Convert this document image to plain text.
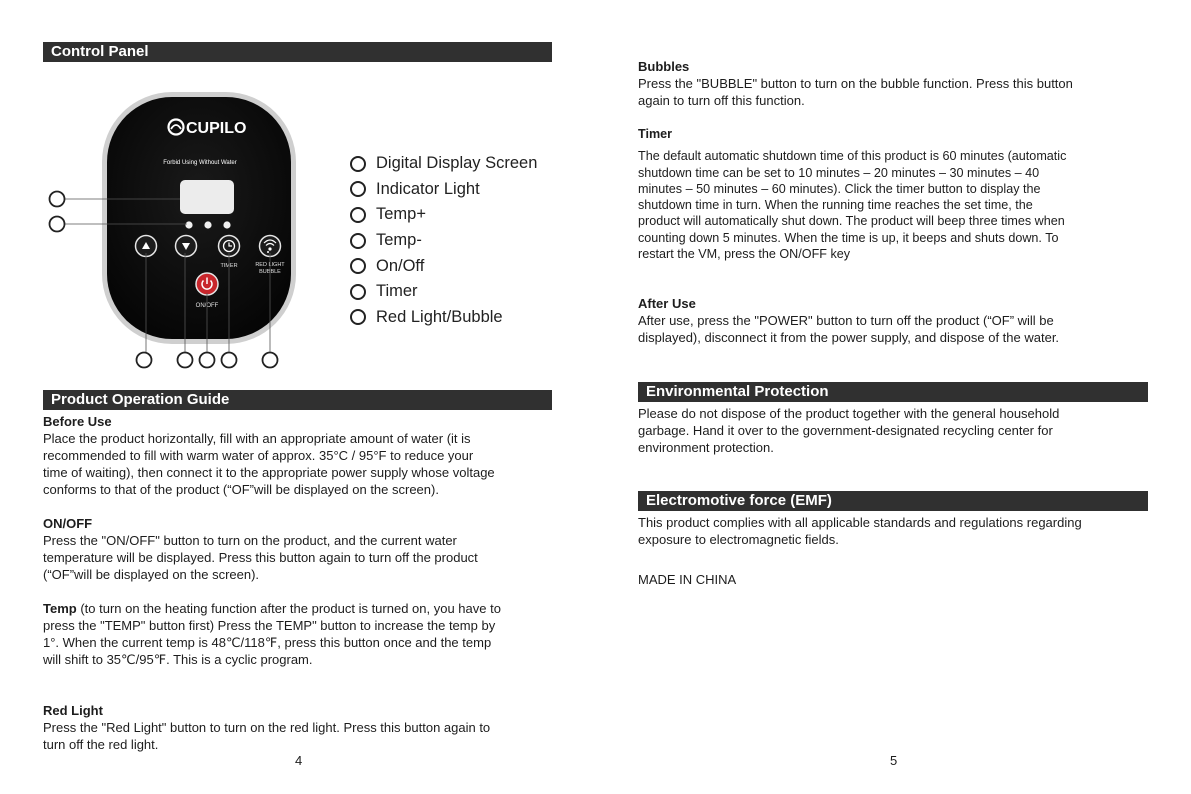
Control Panel
CUPILO
Forbid Using Without Water
TIMER	RED LIGHT
BUBBLE
ON/OFF
Digital Display Screen
Indicator Light
Temp+
Temp-
On/Off
Timer
Red Light/Bubble
Product Operation Guide
Before Use
Place the product horizontally, fill with an appropriate amount of water (it is
recommended to fill with warm water of approx. 35°C / 95°F to reduce your
time of waiting), then connect it to the appropriate power supply whose voltage
conforms to that of the product (“OF”will be displayed on the screen).
ON/OFF
Press the "ON/OFF" button to turn on the product, and the current water
temperature will be displayed. Press this button again to turn off the product
(“OF”will be displayed on the screen).
Temp (to turn on the heating function after the product is turned on, you have to
press the "TEMP" button first) Press the TEMP" button to increase the temp by
1°. When the current temp is 48℃/118℉, press this button once and the temp
will shift to 35℃/95℉. This is a cyclic program.
Red Light
Press the "Red Light" button to turn on the red light. Press this button again to
turn off the red light.
4
Bubbles
Press the "BUBBLE" button to turn on the bubble function. Press this button
again to turn off this function.
Timer
The default automatic shutdown time of this product is 60 minutes (automatic
shutdown time can be set to 10 minutes – 20 minutes – 30 minutes – 40
minutes – 50 minutes – 60 minutes). Click the timer button to display the
shutdown time in turn. When the running time reaches the set time, the
product will automatically shut down. The product will beep three times when
counting down 5 minutes. When the time is up, it beeps and shuts down. To
restart the VM, press the ON/OFF key
After Use
After use, press the "POWER" button to turn off the product (“OF” will be
displayed), disconnect it from the power supply, and dispose of the water.
Environmental Protection
Please do not dispose of the product together with the general household
garbage. Hand it over to the government-designated recycling center for
environment protection.
Electromotive force (EMF)
This product complies with all applicable standards and regulations regarding
exposure to electromagnetic fields.
MADE IN CHINA
5
